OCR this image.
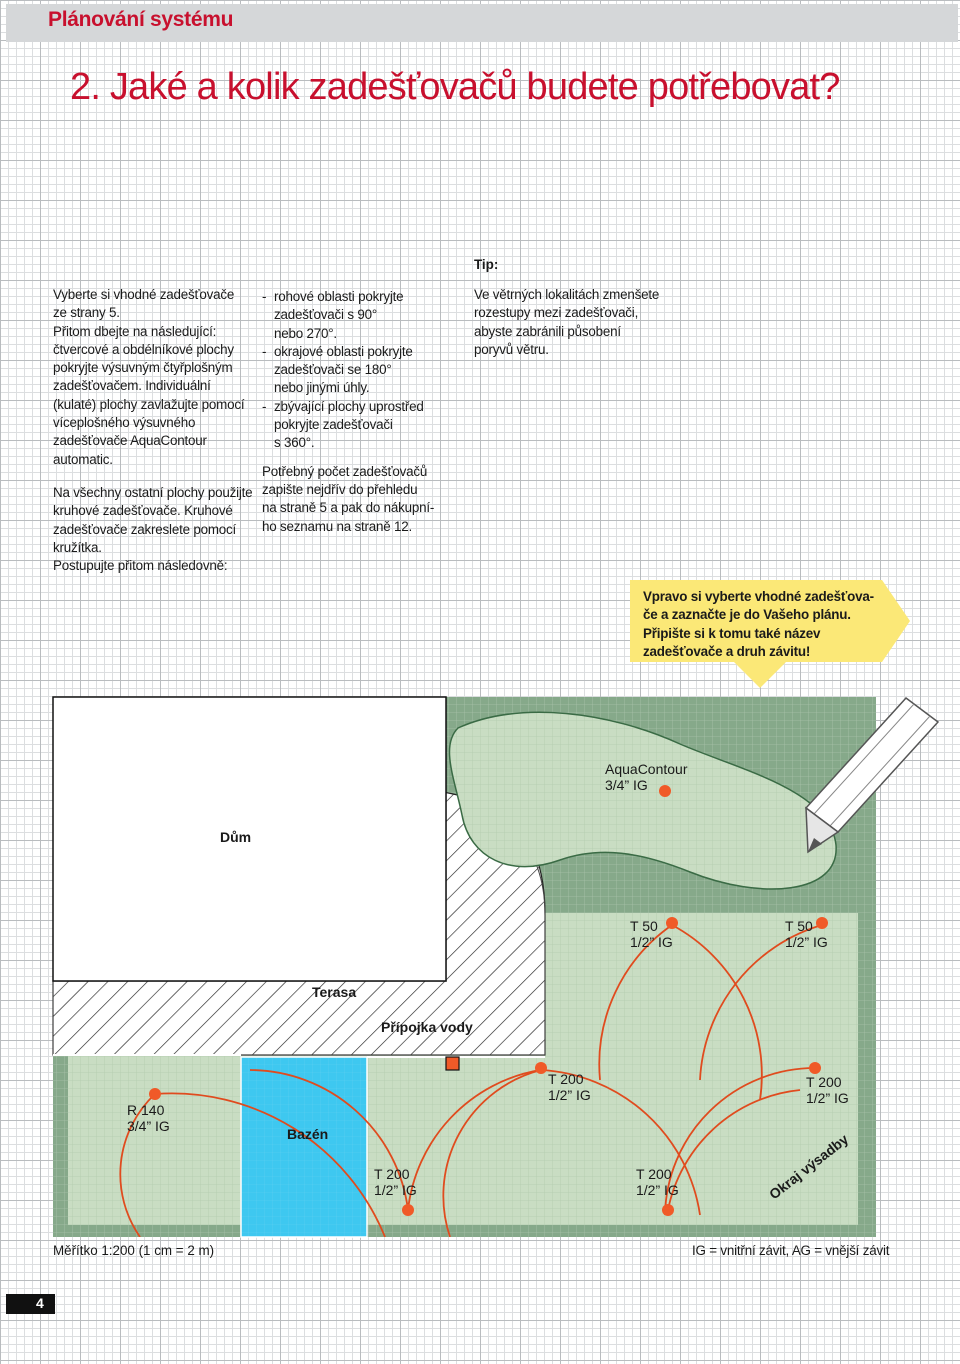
Plánování systému
2. Jaké a kolik zadešťovačů budete potřebovat?

Vyberte si vhodné zadešťovače
ze strany 5.
Přitom dbejte na následující:
čtvercové a obdélníkové plochy
pokryjte výsuvným čtyřplošným
zadešťovačem. Individuální
(kulaté) plochy zavlažujte pomocí
víceplošného výsuvného
zadešťovače AquaContour
automatic.

Na všechny ostatní plochy použijte
kruhové zadešťovače. Kruhové
zadešťovače zakreslete pomocí
kružítka.
Postupujte přitom následovně:

- rohové oblasti pokryjte
zadešťovači s 90°
nebo 270°.

- okrajové oblasti pokryjte
zadešťovači se 180°
nebo jinými úhly.

- zbývající plochy uprostřed
pokryjte zadešťovači
s 360°.

Potřebný počet zadešťovačů
zapište nejdřív do přehledu
na straně 5 a pak do nákupní-
ho seznamu na straně 12.

Tip:

Ve větrných lokalitách zmenšete
rozestupy mezi zadešťovači,
abyste zabránili působení
poryvů větru.

Vpravo si vyberte vhodné zadešťova-
če a zaznačte je do Vašeho plánu.
Připište si k tomu také název
zadešťovače a druh závitu!
Dům
Terasa
Přípojka vody
Bazén	Okraj výsadby
AquaContour
3/4” IG
T 50
1/2” IG
T 50
1/2” IG
R 140
3/4” IG
T 200
1/2” IG
T 200
1/2” IG
T 200
1/2” IG
T 200
1/2” IG
Měřítko 1:200 (1 cm = 2 m)	IG = vnitřní závit, AG = vnější závit
4
